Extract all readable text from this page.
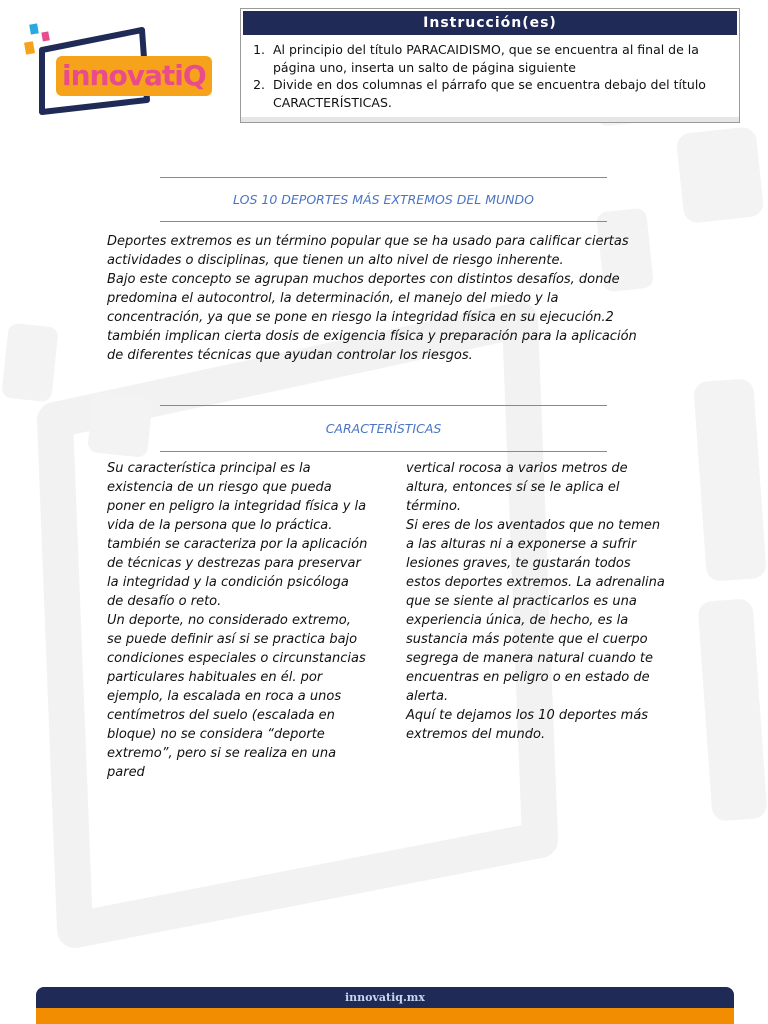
innovatiQ
Instrucción(es)
1. Al principio del título PARACAIDISMO, que se encuentra al final de la página uno, inserta un salto de página siguiente
2. Divide en dos columnas el párrafo que se encuentra debajo del título CARACTERÍSTICAS.
LOS 10 DEPORTES MÁS EXTREMOS DEL MUNDO

Deportes extremos es un término popular que se ha usado para calificar ciertas actividades o disciplinas, que tienen un alto nivel de riesgo inherente.

Bajo este concepto se agrupan muchos deportes con distintos desafíos, donde predomina el autocontrol, la determinación, el manejo del miedo y la concentración, ya que se pone en riesgo la integridad física en su ejecución.2 también implican cierta dosis de exigencia física y preparación para la aplicación de diferentes técnicas que ayudan controlar los riesgos.

CARACTERÍSTICAS

Su característica principal es la existencia de un riesgo que pueda poner en peligro la integridad física y la vida de la persona que lo práctica. también se caracteriza por la aplicación de técnicas y destrezas para preservar la integridad y la condición psicóloga de desafío o reto.

Un deporte, no considerado extremo, se puede definir así si se practica bajo condiciones especiales o circunstancias particulares habituales en él. por ejemplo, la escalada en roca a unos centímetros del suelo (escalada en bloque) no se considera “deporte extremo”, pero si se realiza en una pared

vertical rocosa a varios metros de altura, entonces sí se le aplica el término.

Si eres de los aventados que no temen a las alturas ni a exponerse a sufrir lesiones graves, te gustarán todos estos deportes extremos. La adrenalina que se siente al practicarlos es una experiencia única, de hecho, es la sustancia más potente que el cuerpo segrega de manera natural cuando te encuentras en peligro o en estado de alerta.

Aquí te dejamos los 10 deportes más extremos del mundo.

innovatiq.mx
